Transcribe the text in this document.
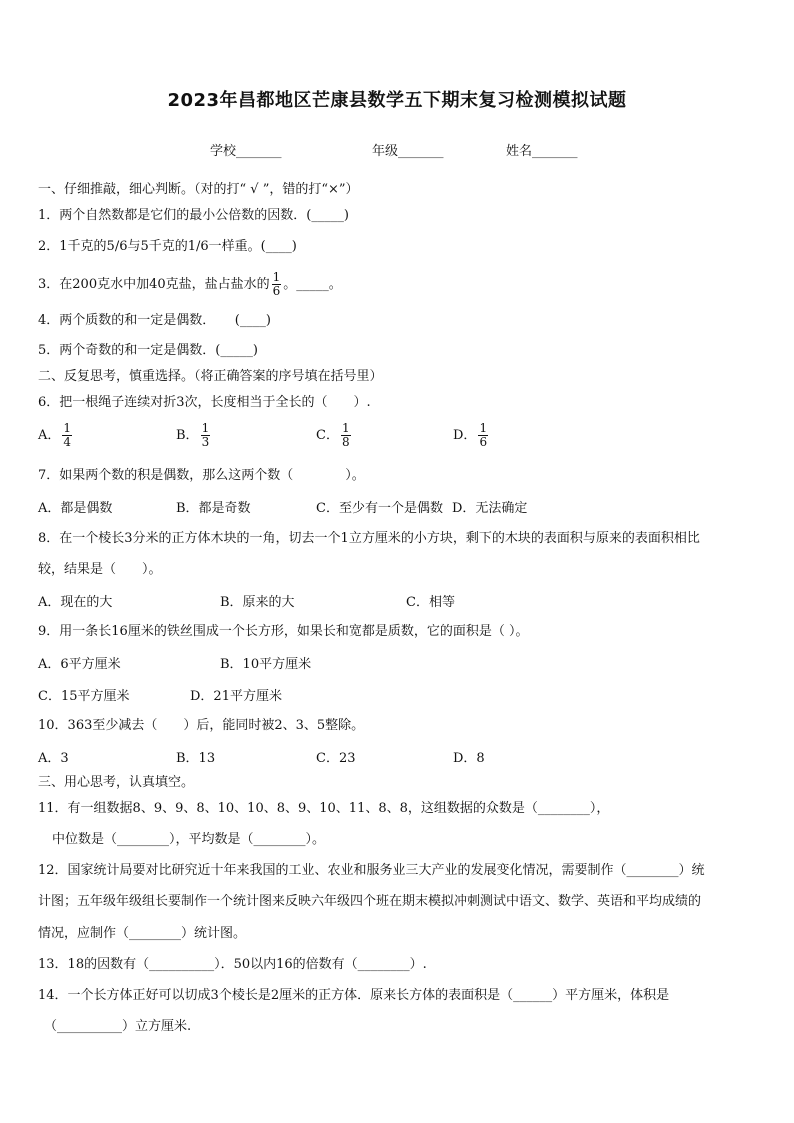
2023年昌都地区芒康县数学五下期末复习检测模拟试题
学校_______	年级_______	姓名_______
一、仔细推敲，细心判断。（对的打“ √ ”，错的打“×”）
1．两个自然数都是它们的最小公倍数的因数．(_____)
2．1千克的5/6与5千克的1/6一样重。(____)
3．在200克水中加40克盐，盐占盐水的 $\frac{1}{6}$ 。_____。
4．两个质数的和一定是偶数．　　(____)
5．两个奇数的和一定是偶数．(_____)
二、反复思考，慎重选择。（将正确答案的序号填在括号里）
6．把一根绳子连续对折3次，长度相当于全长的（　　）.
A． $\frac{1}{4}$	B． $\frac{1}{3}$	C． $\frac{1}{8}$	D． $\frac{1}{6}$
7．如果两个数的积是偶数，那么这两个数（　　　　）。
A．都是偶数	B．都是奇数	C．至少有一个是偶数 D．无法确定
8．在一个棱长3分米的正方体木块的一角，切去一个1立方厘米的小方块，剩下的木块的表面积与原来的表面积相比
较，结果是（　　）。
A．现在的大	B．原来的大	C．相等
9．用一条长16厘米的铁丝围成一个长方形，如果长和宽都是质数，它的面积是（ ）。
A．6平方厘米	B．10平方厘米
C．15平方厘米	D．21平方厘米
10．363至少减去（　　）后，能同时被2、3、5整除。
A．3	B．13	C．23	D．8
三、用心思考，认真填空。
11．有一组数据8、9、9、8、10、10、8、9、10、11、8、8，这组数据的众数是（________），
中位数是（________），平均数是（________）。
12．国家统计局要对比研究近十年来我国的工业、农业和服务业三大产业的发展变化情况，需要制作（________）统
计图；五年级年级组长要制作一个统计图来反映六年级四个班在期末模拟冲刺测试中语文、数学、英语和平均成绩的
情况，应制作（________）统计图。
13．18的因数有（__________）．50以内16的倍数有（________）.
14．一个长方体正好可以切成3个棱长是2厘米的正方体．原来长方体的表面积是（______）平方厘米，体积是
（__________）立方厘米.
